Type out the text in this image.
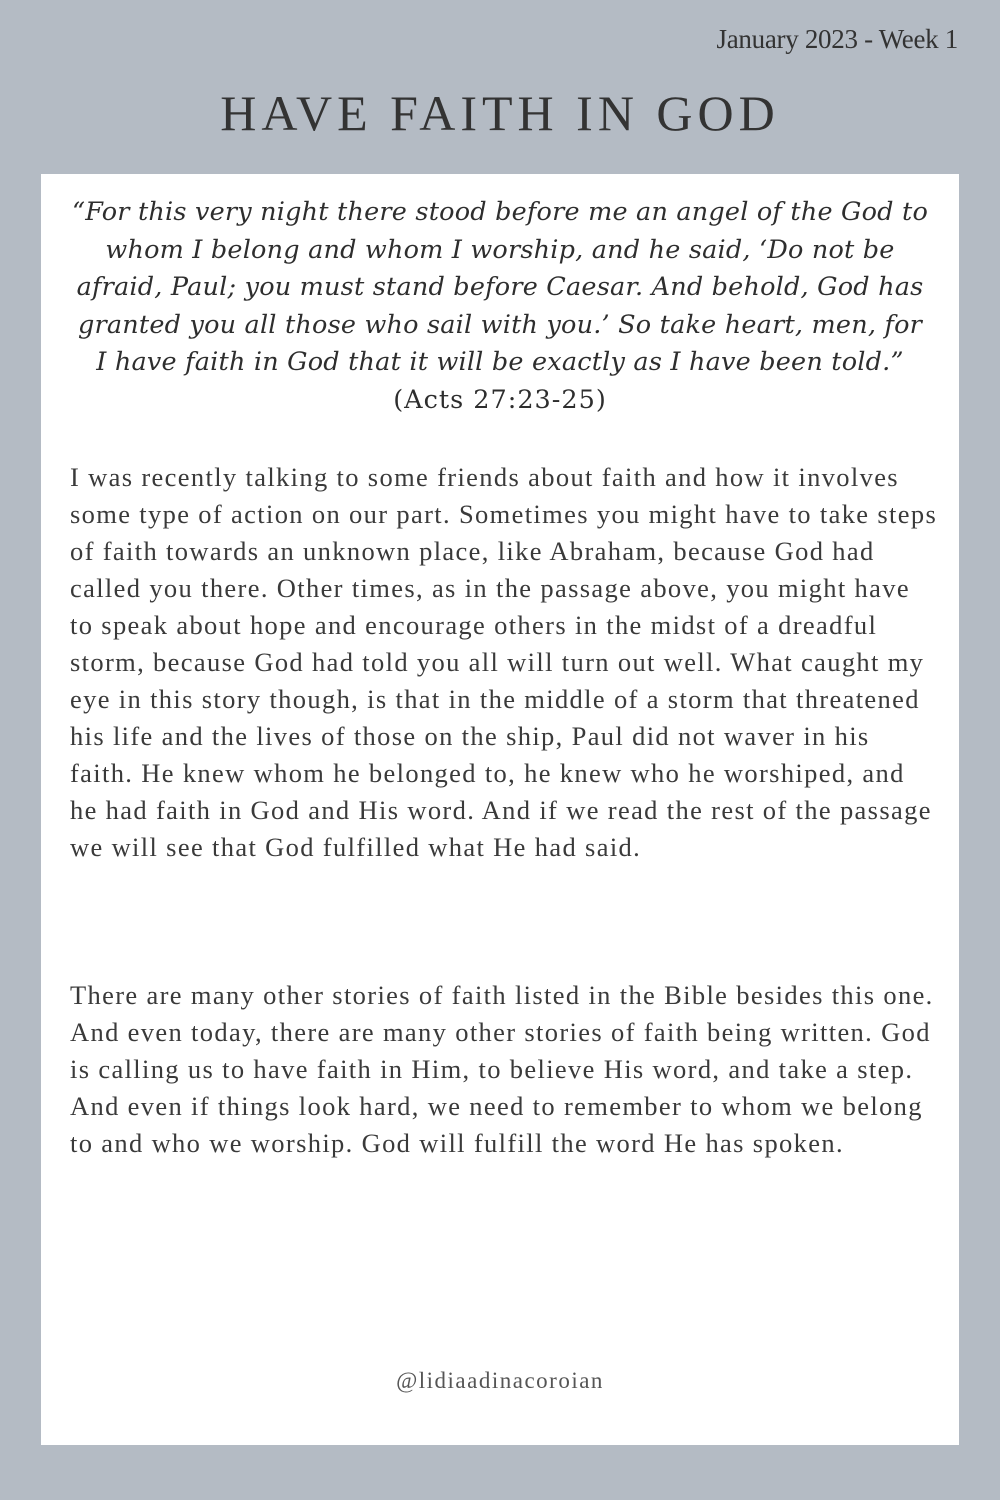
January 2023 - Week 1
HAVE FAITH IN GOD
“For this very night there stood before me an angel of the God to whom I belong and whom I worship, and he said, ‘Do not be afraid, Paul; you must stand before Caesar. And behold, God has granted you all those who sail with you.’ So take heart, men, for I have faith in God that it will be exactly as I have been told.” (Acts 27:23-25)

I was recently talking to some friends about faith and how it involves some type of action on our part. Sometimes you might have to take steps of faith towards an unknown place, like Abraham, because God had called you there. Other times, as in the passage above, you might have to speak about hope and encourage others in the midst of a dreadful storm, because God had told you all will turn out well. What caught my eye in this story though, is that in the middle of a storm that threatened his life and the lives of those on the ship, Paul did not waver in his faith. He knew whom he belonged to, he knew who he worshiped, and he had faith in God and His word. And if we read the rest of the passage we will see that God fulfilled what He had said.

There are many other stories of faith listed in the Bible besides this one. And even today, there are many other stories of faith being written. God is calling us to have faith in Him, to believe His word, and take a step. And even if things look hard, we need to remember to whom we belong to and who we worship. God will fulfill the word He has spoken.

@lidiaadinacoroian
